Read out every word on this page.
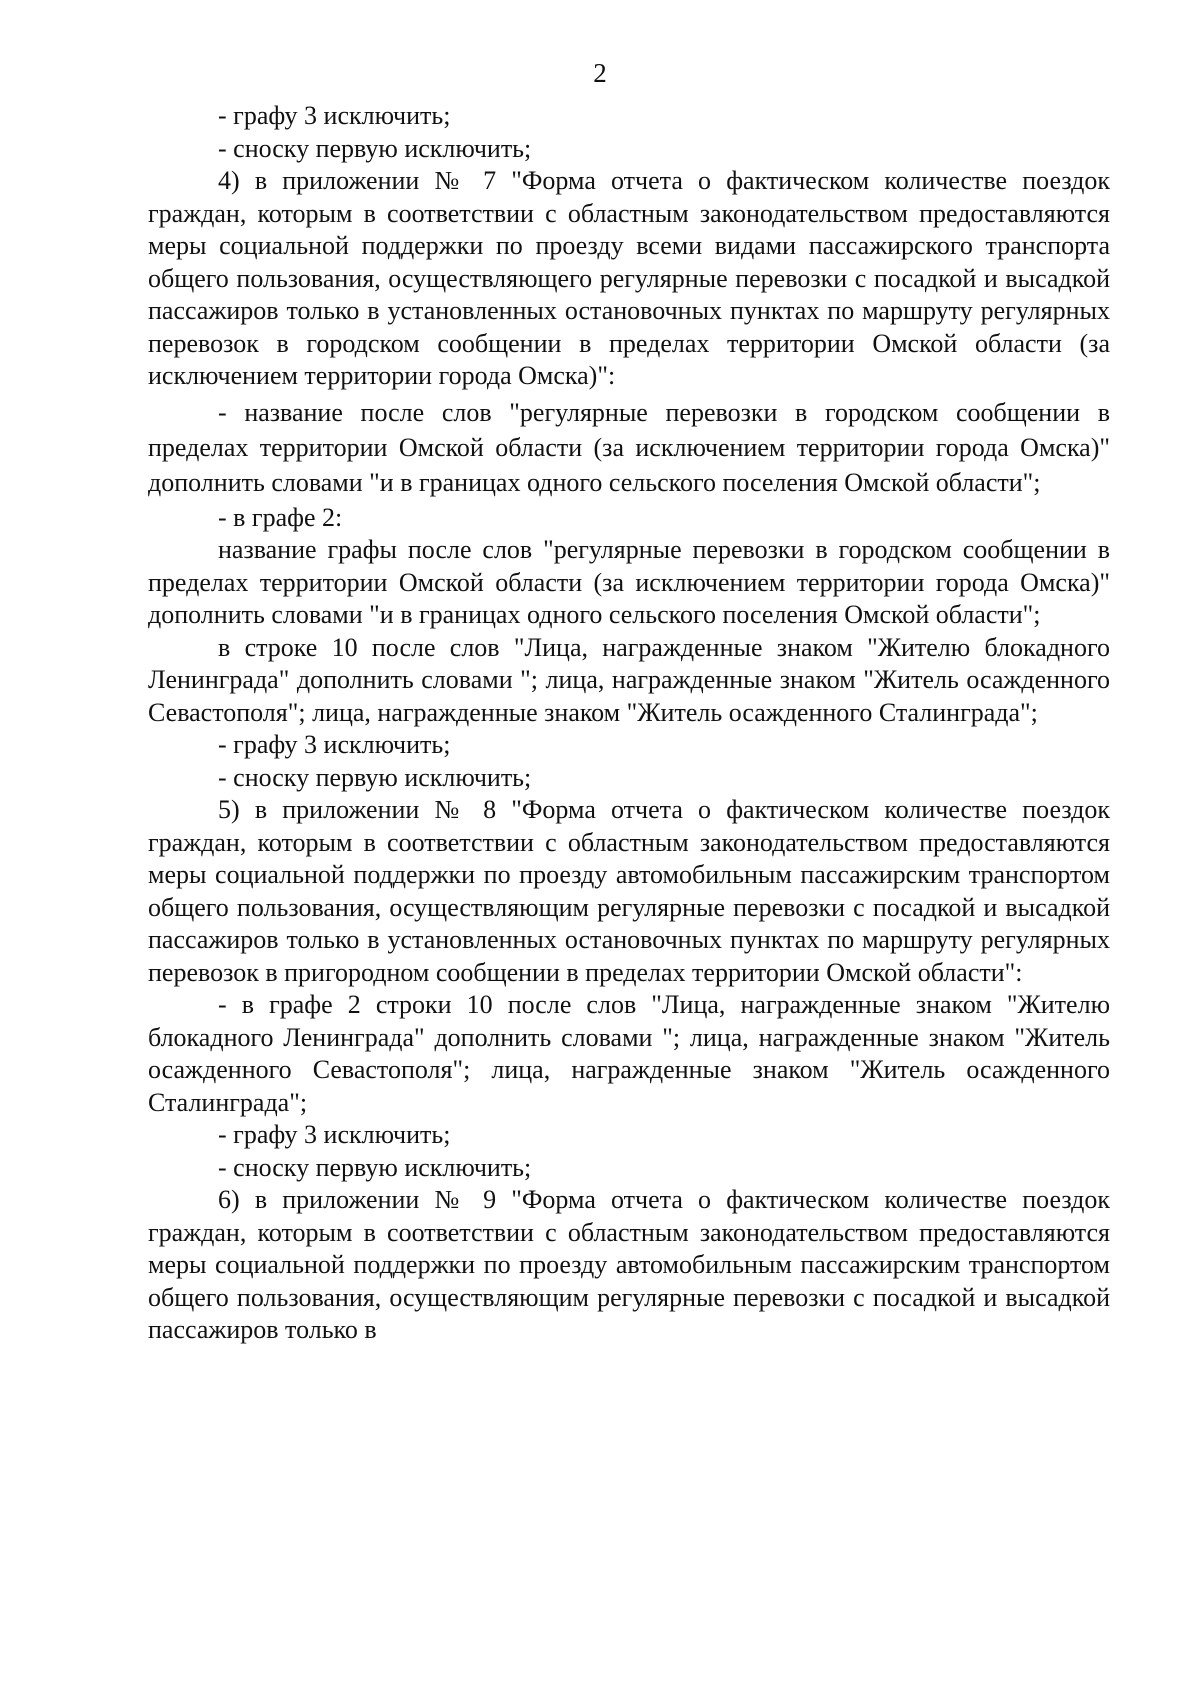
2

- графу 3 исключить;

- сноску первую исключить;

4) в приложении № 7 "Форма отчета о фактическом количестве поездок граждан, которым в соответствии с областным законодательством предоставляются меры социальной поддержки по проезду всеми видами пассажирского транспорта общего пользования, осуществляющего регулярные перевозки с посадкой и высадкой пассажиров только в установленных остановочных пунктах по маршруту регулярных перевозок в городском сообщении в пределах территории Омской области (за исключением территории города Омска)":

- название после слов "регулярные перевозки в городском сообщении в пределах территории Омской области (за исключением территории города Омска)" дополнить словами "и в границах одного сельского поселения Омской области";

- в графе 2:

название графы после слов "регулярные перевозки в городском сообщении в пределах территории Омской области (за исключением территории города Омска)" дополнить словами "и в границах одного сельского поселения Омской области";

в строке 10 после слов "Лица, награжденные знаком "Жителю блокадного Ленинграда" дополнить словами "; лица, награжденные знаком "Житель осажденного Севастополя"; лица, награжденные знаком "Житель осажденного Сталинграда";

- графу 3 исключить;

- сноску первую исключить;

5) в приложении № 8 "Форма отчета о фактическом количестве поездок граждан, которым в соответствии с областным законодательством предоставляются меры социальной поддержки по проезду автомобильным пассажирским транспортом общего пользования, осуществляющим регулярные перевозки с посадкой и высадкой пассажиров только в установленных остановочных пунктах по маршруту регулярных перевозок в пригородном сообщении в пределах территории Омской области":

- в графе 2 строки 10 после слов "Лица, награжденные знаком "Жителю блокадного Ленинграда" дополнить словами "; лица, награжденные знаком "Житель осажденного Севастополя"; лица, награжденные знаком "Житель осажденного Сталинграда";

- графу 3 исключить;

- сноску первую исключить;

6) в приложении № 9 "Форма отчета о фактическом количестве поездок граждан, которым в соответствии с областным законодательством предоставляются меры социальной поддержки по проезду автомобильным пассажирским транспортом общего пользования, осуществляющим регулярные перевозки с посадкой и высадкой пассажиров только в
